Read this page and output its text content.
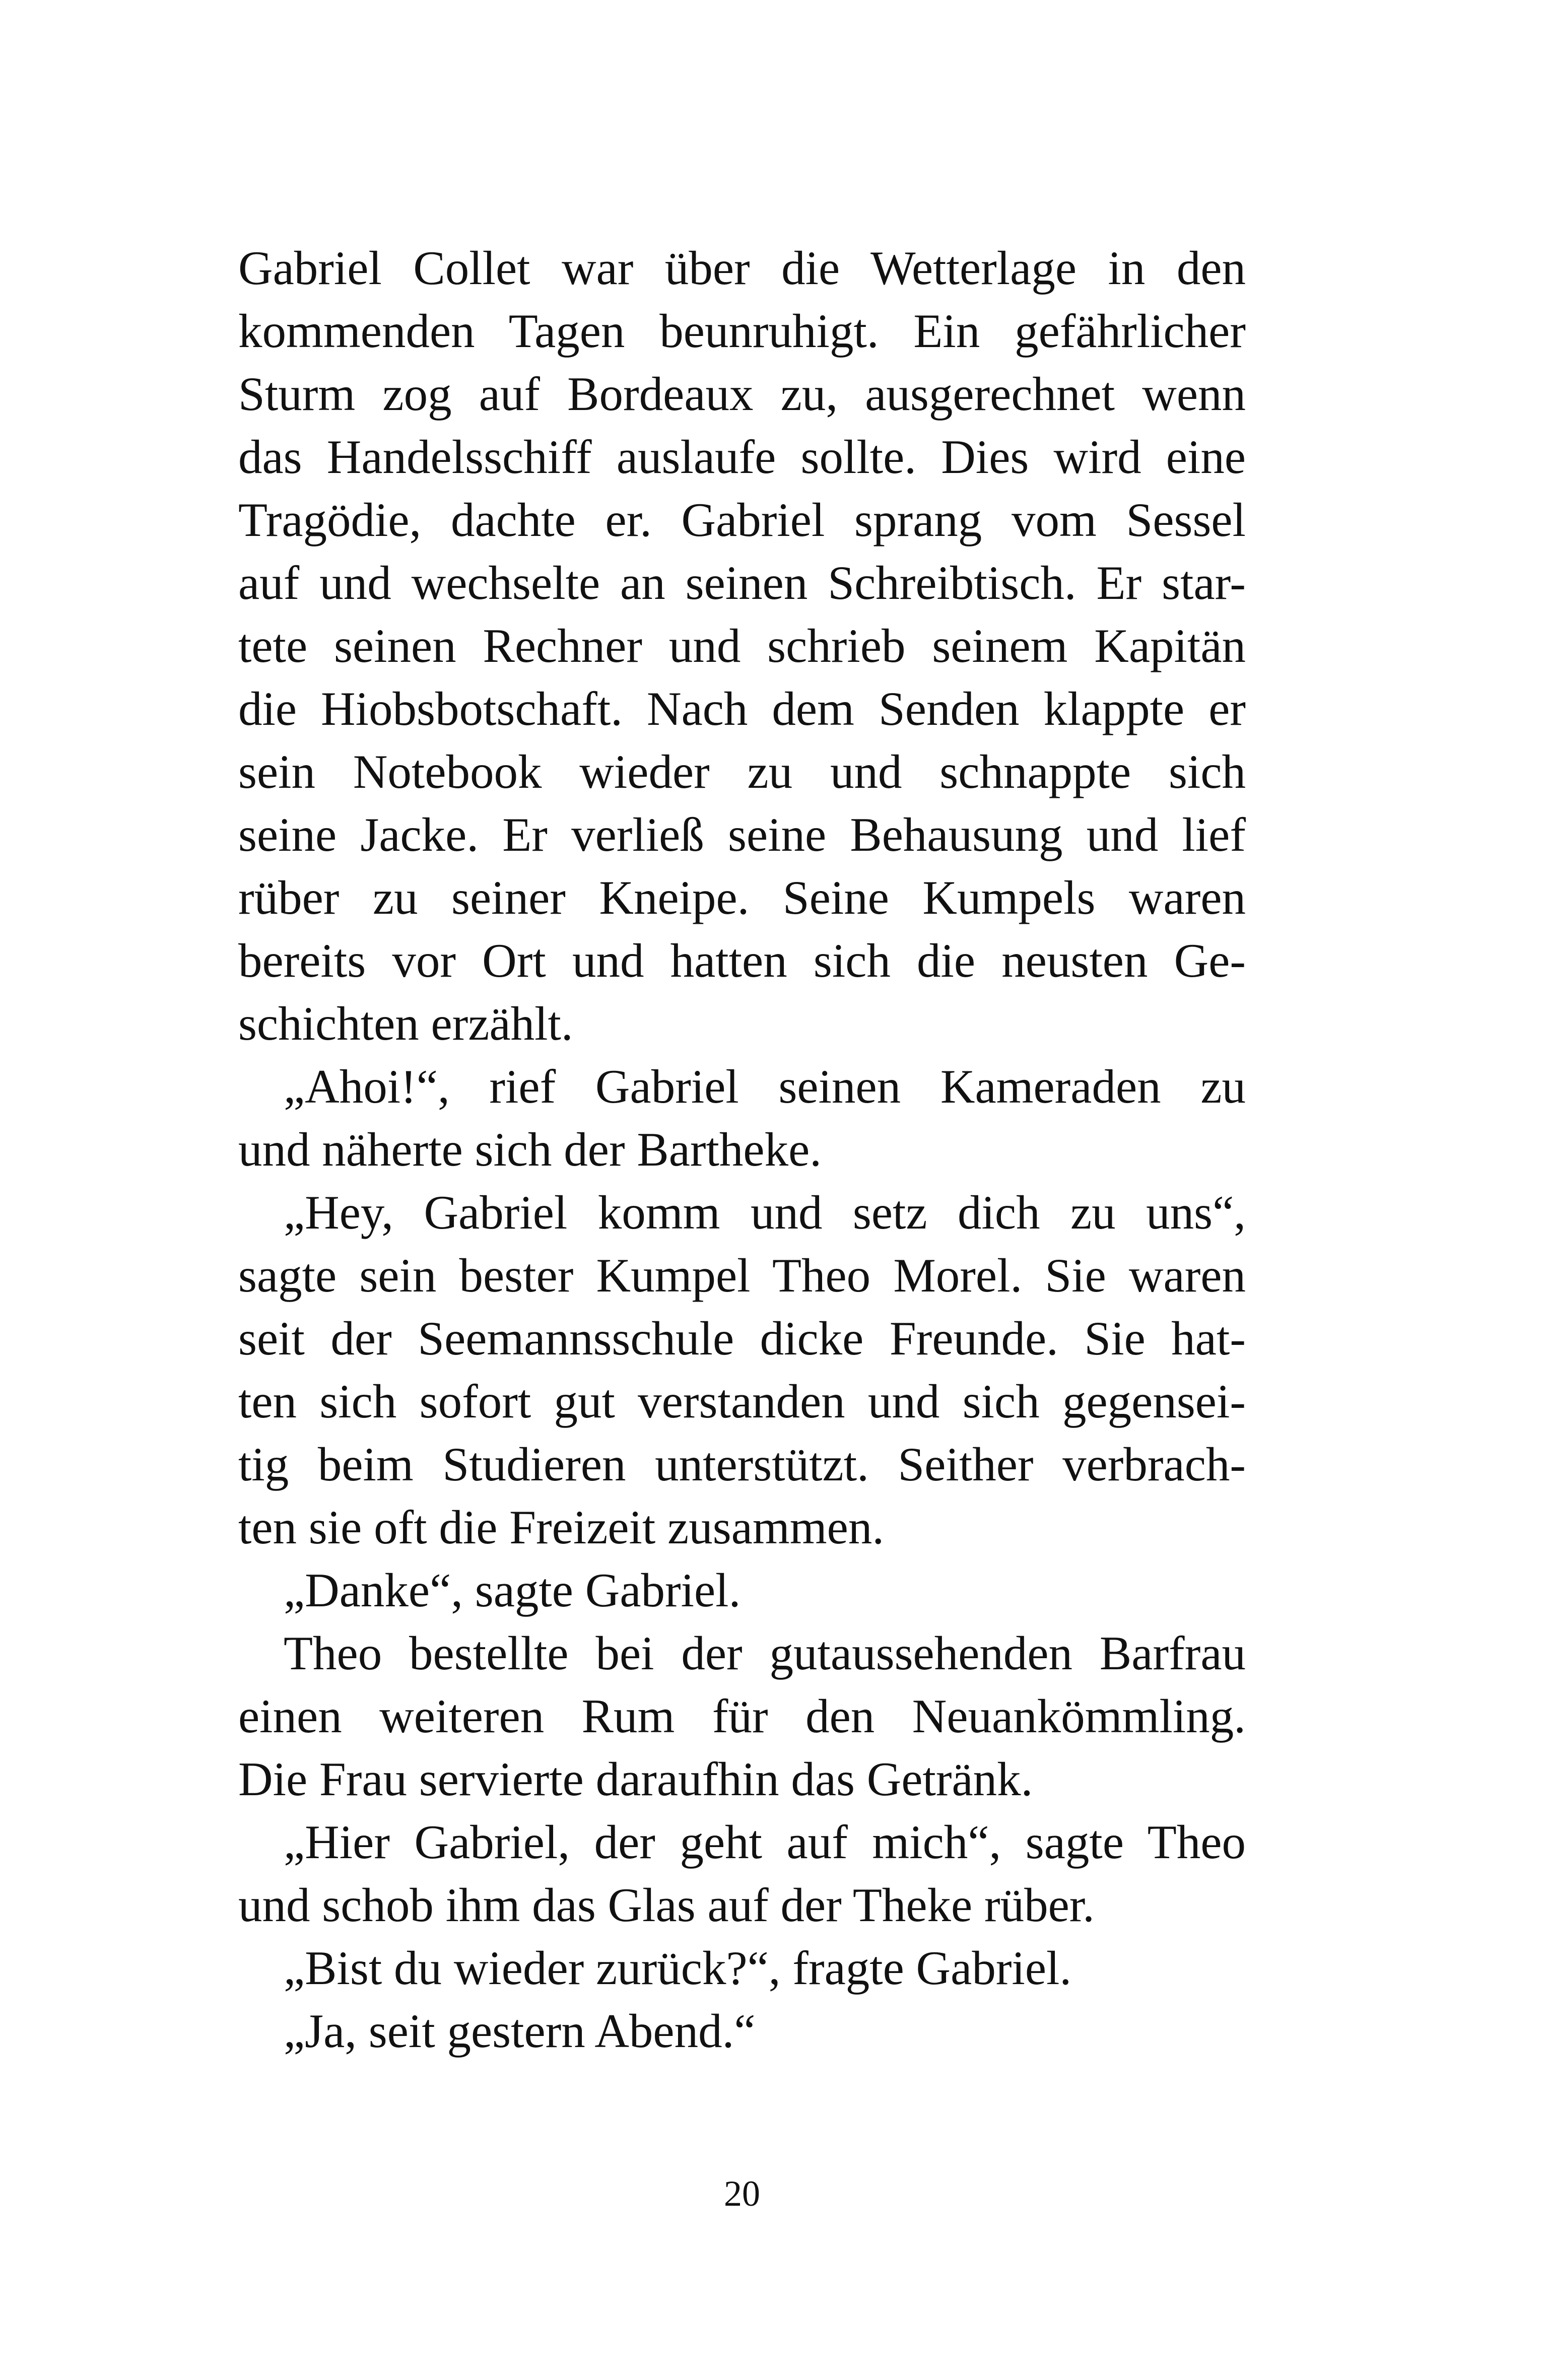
Gabriel Collet war über die Wetterlage in den
kommenden Tagen beunruhigt. Ein gefährlicher
Sturm zog auf Bordeaux zu, ausgerechnet wenn
das Handelsschiff auslaufe sollte. Dies wird eine
Tragödie, dachte er. Gabriel sprang vom Sessel
auf und wechselte an seinen Schreibtisch. Er star-
tete seinen Rechner und schrieb seinem Kapitän
die Hiobsbotschaft. Nach dem Senden klappte er
sein Notebook wieder zu und schnappte sich
seine Jacke. Er verließ seine Behausung und lief
rüber zu seiner Kneipe. Seine Kumpels waren
bereits vor Ort und hatten sich die neusten Ge-
schichten erzählt.
„Ahoi!“, rief Gabriel seinen Kameraden zu
und näherte sich der Bartheke.
„Hey, Gabriel komm und setz dich zu uns“,
sagte sein bester Kumpel Theo Morel. Sie waren
seit der Seemannsschule dicke Freunde. Sie hat-
ten sich sofort gut verstanden und sich gegensei-
tig beim Studieren unterstützt. Seither verbrach-
ten sie oft die Freizeit zusammen.
„Danke“, sagte Gabriel.
Theo bestellte bei der gutaussehenden Barfrau
einen weiteren Rum für den Neuankömmling.
Die Frau servierte daraufhin das Getränk.
„Hier Gabriel, der geht auf mich“, sagte Theo
und schob ihm das Glas auf der Theke rüber.
„Bist du wieder zurück?“, fragte Gabriel.
„Ja, seit gestern Abend.“
20
